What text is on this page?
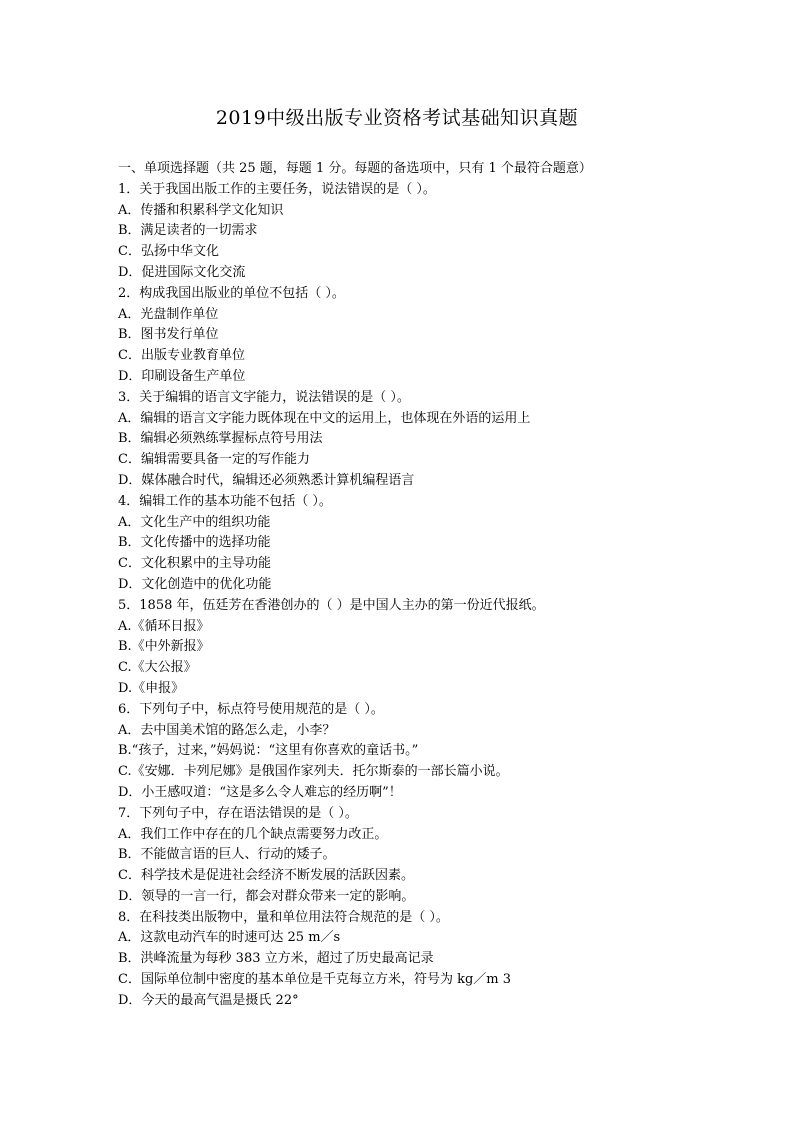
2019中级出版专业资格考试基础知识真题
一、单项选择题（共 25 题，每题 1 分。每题的备选项中，只有 1 个最符合题意）
1．关于我国出版工作的主要任务，说法错误的是（ ）。
A．传播和积累科学文化知识
B．满足读者的一切需求
C．弘扬中华文化
D．促进国际文化交流
2．构成我国出版业的单位不包括（ ）。
A．光盘制作单位
B．图书发行单位
C．出版专业教育单位
D．印刷设备生产单位
3．关于编辑的语言文字能力，说法错误的是（ ）。
A．编辑的语言文字能力既体现在中文的运用上，也体现在外语的运用上
B．编辑必须熟练掌握标点符号用法
C．编辑需要具备一定的写作能力
D．媒体融合时代，编辑还必须熟悉计算机编程语言
4．编辑工作的基本功能不包括（ ）。
A．文化生产中的组织功能
B．文化传播中的选择功能
C．文化积累中的主导功能
D．文化创造中的优化功能
5．1858 年，伍廷芳在香港创办的（ ）是中国人主办的第一份近代报纸。
A.《循环日报》
B.《中外新报》
C.《大公报》
D.《申报》
6．下列句子中，标点符号使用规范的是（ ）。
A．去中国美术馆的路怎么走，小李？
B.“孩子，过来，”妈妈说：“这里有你喜欢的童话书。”
C.《安娜．卡列尼娜》是俄国作家列夫．托尔斯泰的一部长篇小说。
D．小王感叹道：“这是多么令人难忘的经历啊”！
7．下列句子中，存在语法错误的是（ ）。
A．我们工作中存在的几个缺点需要努力改正。
B．不能做言语的巨人、行动的矮子。
C．科学技术是促进社会经济不断发展的活跃因素。
D．领导的一言一行，都会对群众带来一定的影响。
8．在科技类出版物中，量和单位用法符合规范的是（ ）。
A．这款电动汽车的时速可达 25 m／s
B．洪峰流量为每秒 383 立方米，超过了历史最高记录
C．国际单位制中密度的基本单位是千克每立方米，符号为 kg／m 3
D．今天的最高气温是摄氏 22°
